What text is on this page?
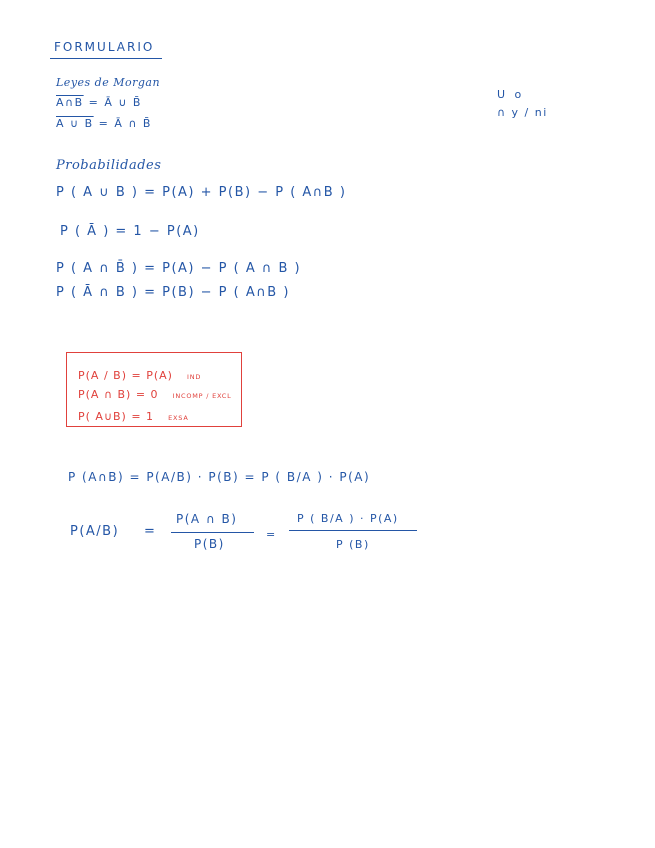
FORMULARIO
Leyes de Morgan
A∩B = Ā ∪ B̄
A ∪ B = Ā ∩ B̄
U o
∩ y / ni
Probabilidades
P ( A ∪ B ) = P(A) + P(B) − P ( A∩B )
P ( Ā ) = 1 − P(A)
P ( A ∩ B̄ ) = P(A) − P ( A ∩ B )
P ( Ā ∩ B ) = P(B) − P ( A∩B )
P(A / B) = P(A) IND
P(A ∩ B) = 0 INCOMP / EXCL
P( A∪B) = 1 EXSA
P (A∩B) = P(A/B) · P(B) = P ( B/A ) · P(A)
P(A/B) =
P(A ∩ B)
P(B)
=
P ( B/A ) · P(A)
P (B)
